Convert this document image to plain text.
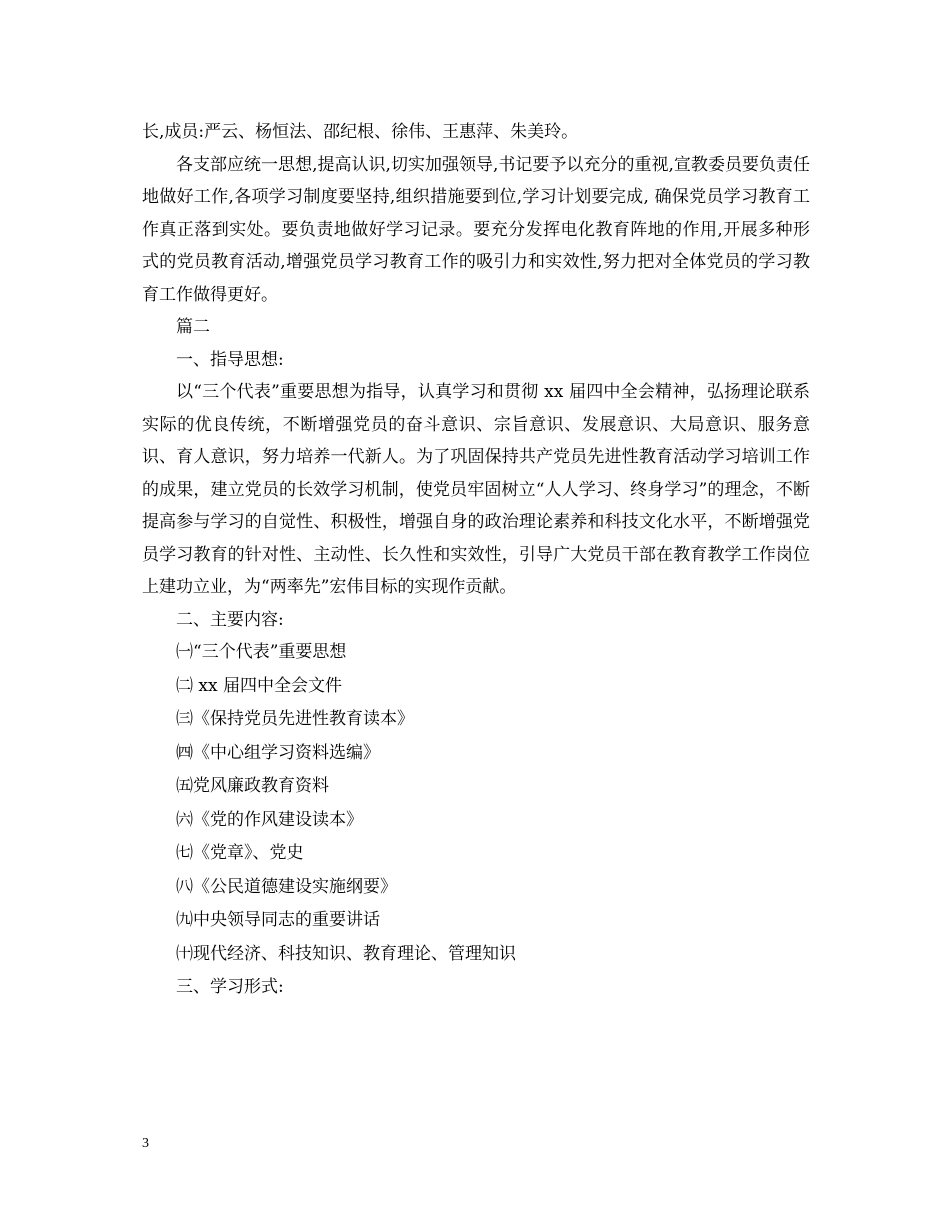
长,成员:严云、杨恒法、邵纪根、徐伟、王惠萍、朱美玲。

各支部应统一思想,提高认识,切实加强领导,书记要予以充分的重视,宣教委员要负责任地做好工作,各项学习制度要坚持,组织措施要到位,学习计划要完成, 确保党员学习教育工作真正落到实处。要负责地做好学习记录。要充分发挥电化教育阵地的作用,开展多种形式的党员教育活动,增强党员学习教育工作的吸引力和实效性,努力把对全体党员的学习教育工作做得更好。

篇二

一、指导思想:

以“三个代表”重要思想为指导，认真学习和贯彻 xx 届四中全会精神，弘扬理论联系实际的优良传统，不断增强党员的奋斗意识、宗旨意识、发展意识、大局意识、服务意识、育人意识，努力培养一代新人。为了巩固保持共产党员先进性教育活动学习培训工作的成果，建立党员的长效学习机制，使党员牢固树立“人人学习、终身学习”的理念，不断提高参与学习的自觉性、积极性，增强自身的政治理论素养和科技文化水平，不断增强党员学习教育的针对性、主动性、长久性和实效性，引导广大党员干部在教育教学工作岗位上建功立业，为“两率先”宏伟目标的实现作贡献。

二、主要内容:

㈠“三个代表”重要思想

㈡ xx 届四中全会文件

㈢《保持党员先进性教育读本》

㈣《中心组学习资料选编》

㈤党风廉政教育资料

㈥《党的作风建设读本》

㈦《党章》、党史

㈧《公民道德建设实施纲要》

㈨中央领导同志的重要讲话

㈩现代经济、科技知识、教育理论、管理知识

三、学习形式:

3
